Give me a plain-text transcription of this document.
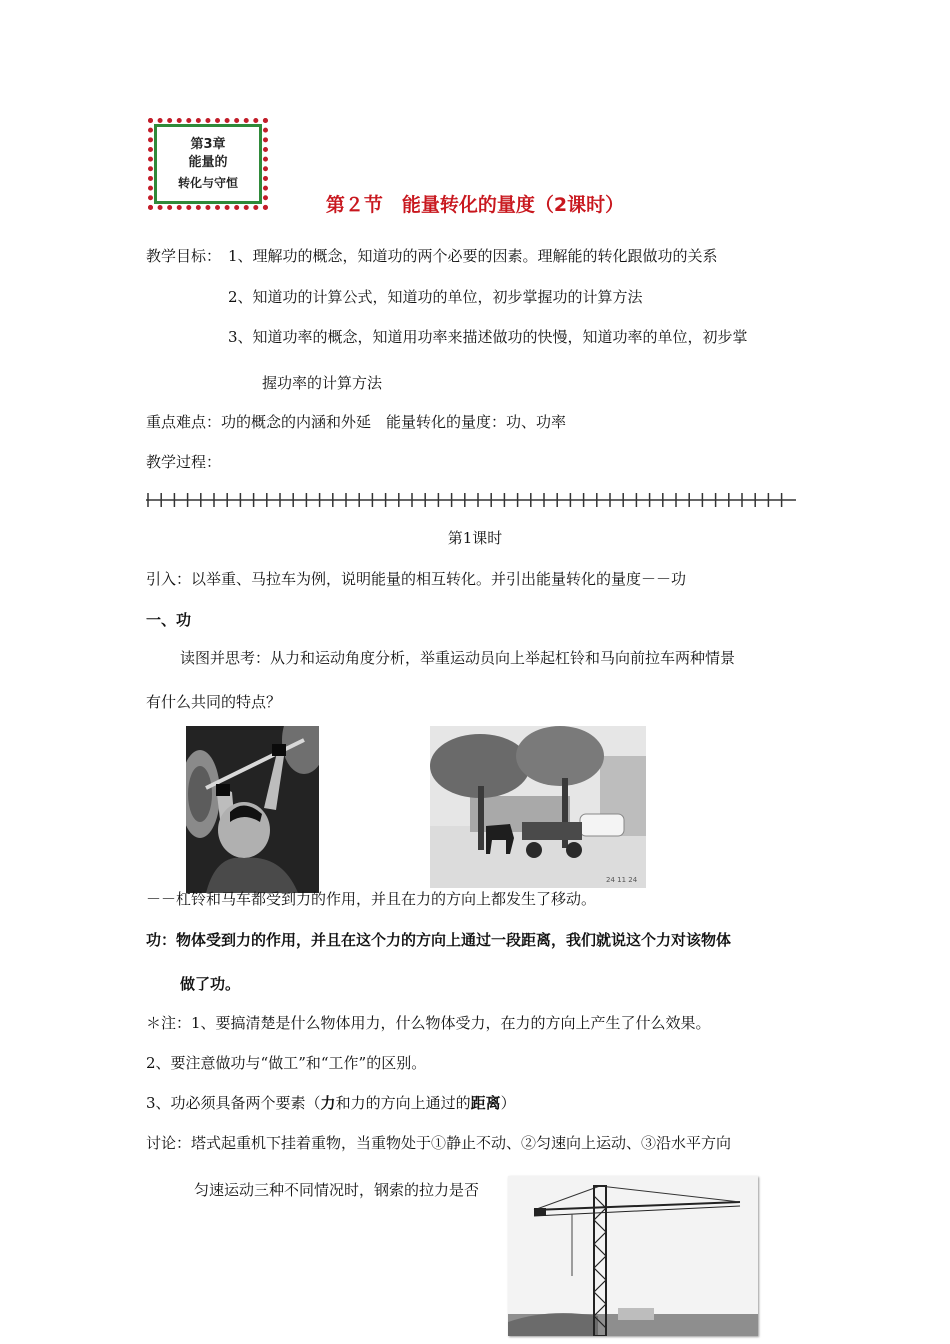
第3章
能量的
转化与守恒
第２节　能量转化的量度（2课时）
教学目标： 1、理解功的概念，知道功的两个必要的因素。理解能的转化跟做功的关系
2、知道功的计算公式，知道功的单位，初步掌握功的计算方法
3、知道功率的概念，知道用功率来描述做功的快慢，知道功率的单位，初步掌
握功率的计算方法
重点难点：功的概念的内涵和外延　能量转化的量度：功、功率
教学过程：
第1课时
引入：以举重、马拉车为例，说明能量的相互转化。并引出能量转化的量度－－功
一、功
读图并思考：从力和运动角度分析，举重运动员向上举起杠铃和马向前拉车两种情景
有什么共同的特点？
24 11 24
－－杠铃和马车都受到力的作用，并且在力的方向上都发生了移动。
功：物体受到力的作用，并且在这个力的方向上通过一段距离，我们就说这个力对该物体
做了功。
＊注：1、要搞清楚是什么物体用力，什么物体受力，在力的方向上产生了什么效果。
2、要注意做功与“做工”和“工作”的区别。
3、功必须具备两个要素（力和力的方向上通过的距离）
讨论：塔式起重机下挂着重物，当重物处于①静止不动、②匀速向上运动、③沿水平方向
匀速运动三种不同情况时，钢索的拉力是否
